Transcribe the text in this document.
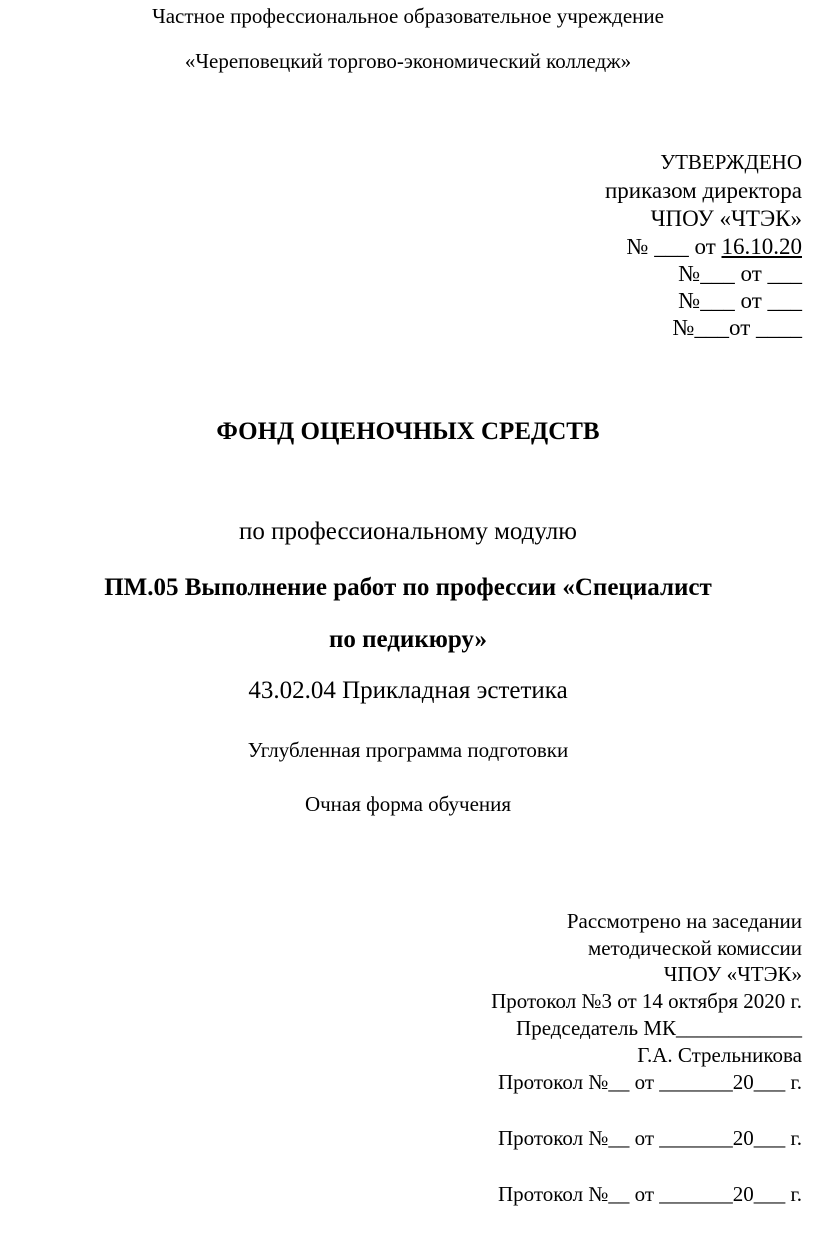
Частное профессиональное образовательное учреждение
«Череповецкий торгово-экономический колледж»
УТВЕРЖДЕНО
приказом директора
ЧПОУ «ЧТЭК»
№ ___ от 16.10.20
№___ от ___
№___ от ___
№___от ____
ФОНД ОЦЕНОЧНЫХ СРЕДСТВ
по профессиональному модулю
ПМ.05 Выполнение работ по профессии «Специалист
по педикюру»
43.02.04 Прикладная эстетика
Углубленная программа подготовки
Очная форма обучения
Рассмотрено на заседании
методической комиссии
ЧПОУ «ЧТЭК»
Протокол №3 от 14 октября 2020 г.
Председатель МК____________
Г.А. Стрельникова
Протокол №__ от _______20___ г.
Протокол №__ от _______20___ г.
Протокол №__ от _______20___ г.
